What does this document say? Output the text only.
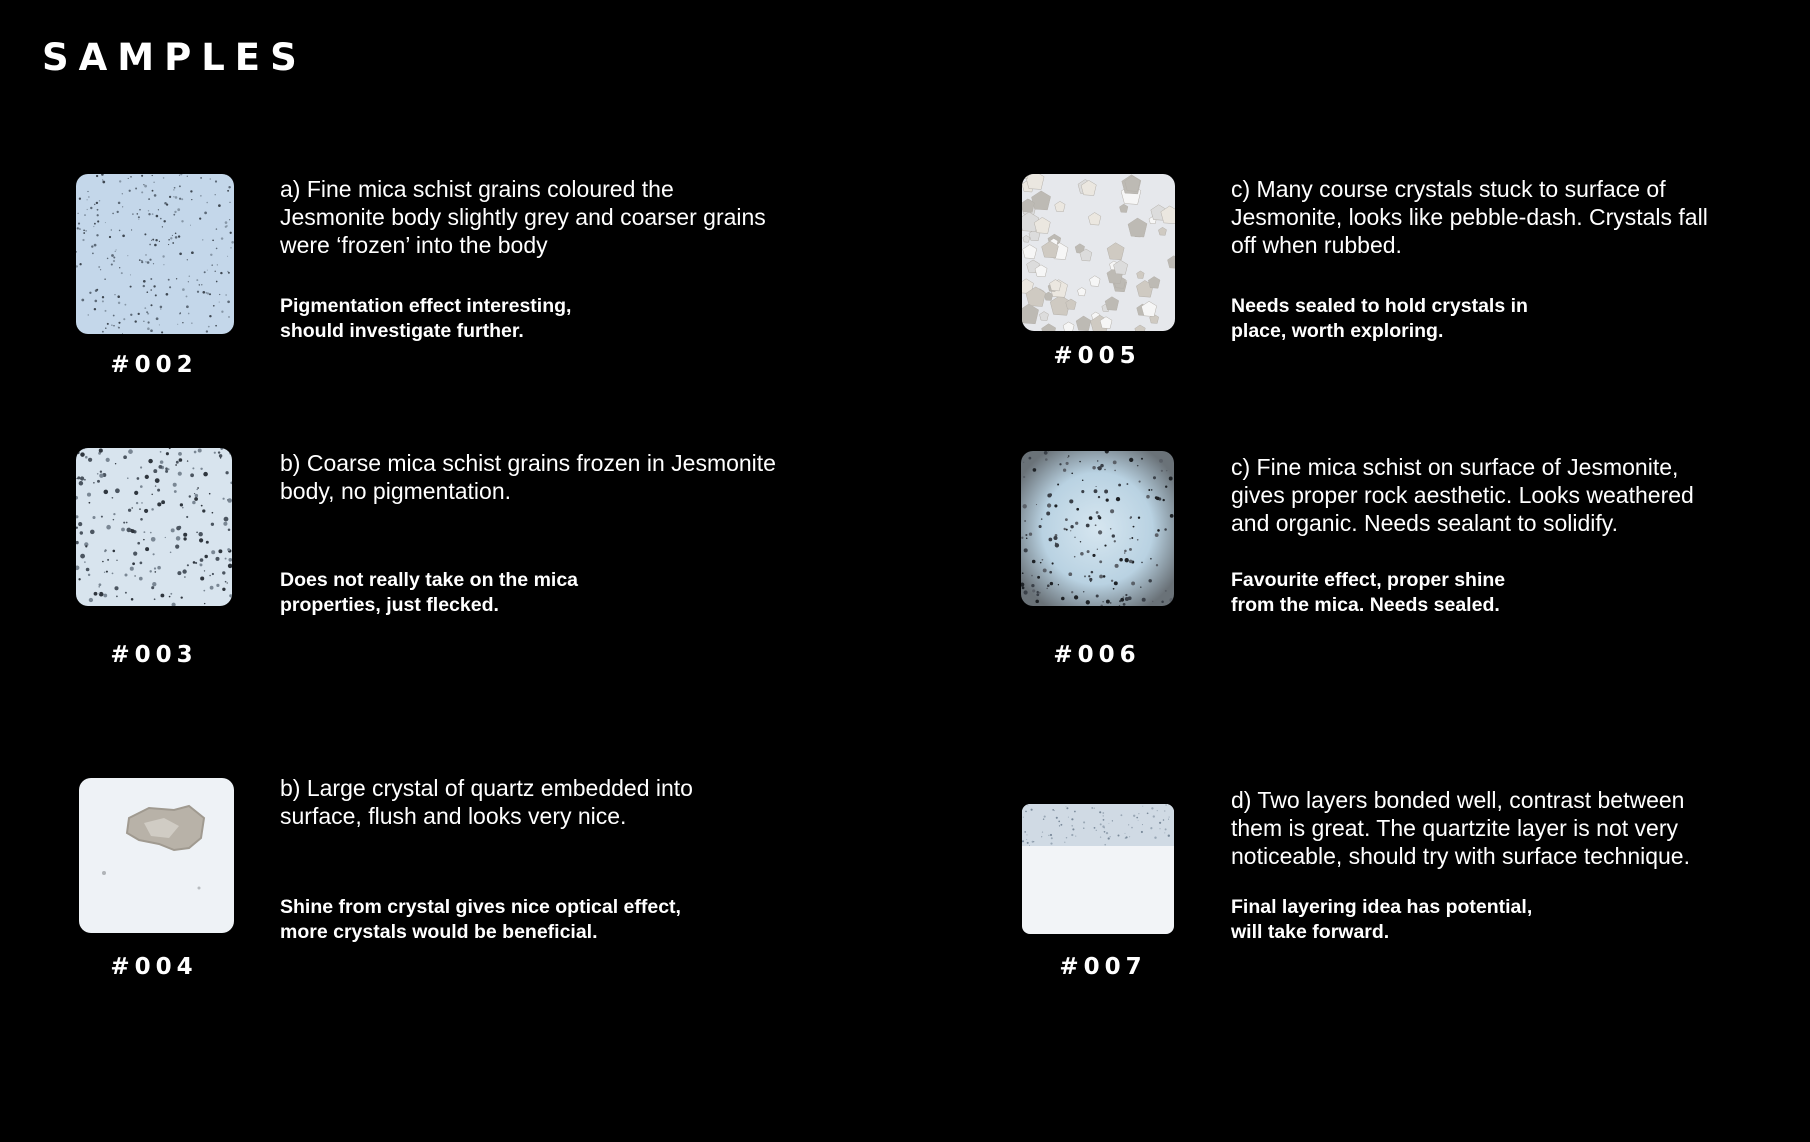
SAMPLES
#002
a) Fine mica schist grains coloured the
Jesmonite body slightly grey and coarser grains
were ‘frozen’ into the body
Pigmentation effect interesting,
should investigate further.
#003
b) Coarse mica schist grains frozen in Jesmonite
body, no pigmentation.
Does not really take on the mica
properties, just flecked.
#004
b) Large crystal of quartz embedded into
surface, flush and looks very nice.
Shine from crystal gives nice optical effect,
more crystals would be beneficial.
#005
c) Many course crystals stuck to surface of
Jesmonite, looks like pebble-dash. Crystals fall
off when rubbed.
Needs sealed to hold crystals in
place, worth exploring.
#006
c) Fine mica schist on surface of Jesmonite,
gives proper rock aesthetic. Looks weathered
and organic. Needs sealant to solidify.
Favourite effect, proper shine
from the mica. Needs sealed.
#007
d) Two layers bonded well, contrast between
them is great. The quartzite layer is not very
noticeable, should try with surface technique.
Final layering idea has potential,
will take forward.
